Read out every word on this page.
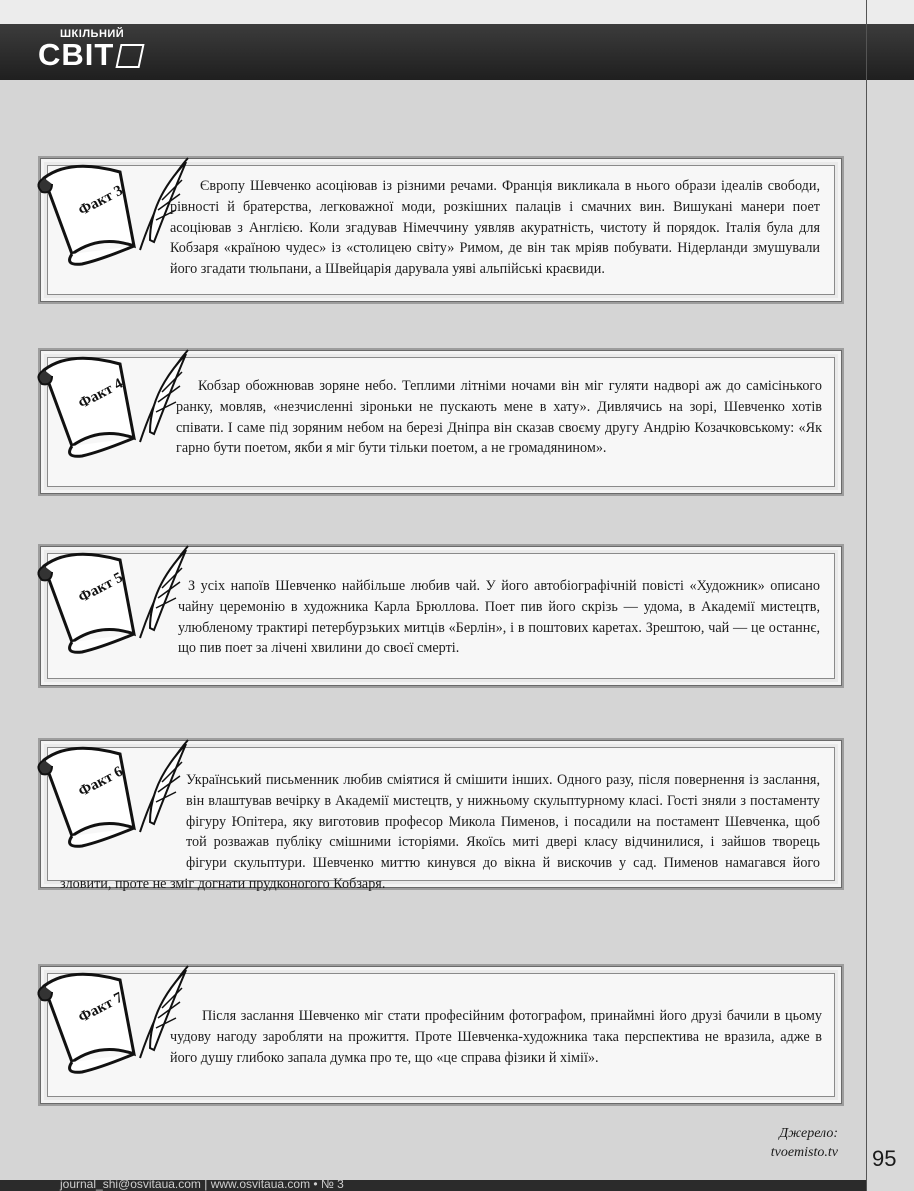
ШКІЛЬНИЙ
СВІТ
Факт 3	Європу Шевченко асоціював із різними речами. Франція викликала в нього образи ідеалів свободи, рівності й братерства, легковажної моди, розкішних палаців і смачних вин. Вишукані манери поет асоціював з Англією. Коли згадував Німеччину уявляв акуратність, чистоту й порядок. Італія була для Кобзаря «країною чудес» із «столицею світу» Римом, де він так мріяв побувати. Нідерланди змушували його згадати тюльпани, а Швейцарія дарувала уяві альпійські краєвиди.
Факт 4	Кобзар обожнював зоряне небо. Теплими літніми ночами він міг гуляти надворі аж до самісінького ранку, мовляв, «незчисленні зіроньки не пускають мене в хату». Дивлячись на зорі, Шевченко хотів співати. І саме під зоряним небом на березі Дніпра він сказав своєму другу Андрію Козачковському: «Як гарно бути поетом, якби я міг бути тільки поетом, а не громадянином».
Факт 5	З усіх напоїв Шевченко найбільше любив чай. У його автобіографічній повісті «Художник» описано чайну церемонію в художника Карла Брюллова. Поет пив його скрізь — удома, в Академії мистецтв, улюбленому трактирі петербурзьких митців «Берлін», і в поштових каретах. Зрештою, чай — це останнє, що пив поет за лічені хвилини до своєї смерті.
Факт 6	Український письменник любив сміятися й смішити інших. Одного разу, після повернення із заслання, він влаштував вечірку в Академії мистецтв, у нижньому скульптурному класі. Гості зняли з постаменту фігуру Юпітера, яку виготовив професор Микола Пименов, і посадили на постамент Шевченка, щоб той розважав публіку смішними історіями. Якоїсь миті двері класу відчинилися, і зайшов творець фігури скульптури. Шевченко миттю кинувся до вікна й вискочив у сад. Пименов намагався його зловити, проте не зміг догнати прудконогого Кобзаря.
Факт 7	Після заслання Шевченко міг стати професійним фотографом, принаймні його друзі бачили в цьому чудову нагоду заробляти на прожиття. Проте Шевченка-художника така перспектива не вразила, адже в його душу глибоко запала думка про те, що «це справа фізики й хімії».
Джерело:
tvoemisto.tv 95
journal_shi@osvitaua.com | www.osvitaua.com • № 3
